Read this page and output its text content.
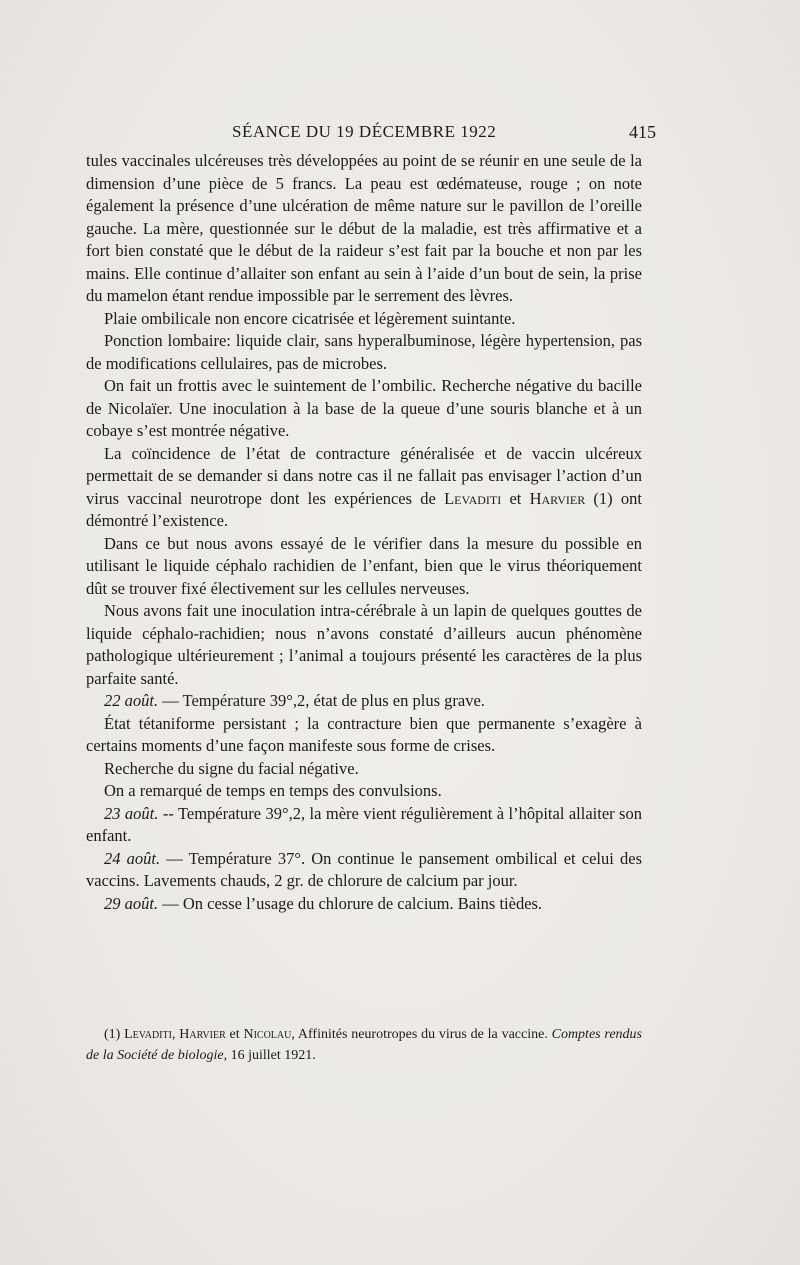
SÉANCE DU 19 DÉCEMBRE 1922	415

tules vaccinales ulcéreuses très développées au point de se réunir en une seule de la dimension d’une pièce de 5 francs. La peau est œdémateuse, rouge ; on note également la présence d’une ulcération de même nature sur le pavillon de l’oreille gauche. La mère, questionnée sur le début de la maladie, est très affirmative et a fort bien constaté que le début de la raideur s’est fait par la bouche et non par les mains. Elle continue d’allaiter son enfant au sein à l’aide d’un bout de sein, la prise du mamelon étant rendue impossible par le serrement des lèvres.

Plaie ombilicale non encore cicatrisée et légèrement suintante.

Ponction lombaire: liquide clair, sans hyperalbuminose, légère hypertension, pas de modifications cellulaires, pas de microbes.

On fait un frottis avec le suintement de l’ombilic. Recherche négative du bacille de Nicolaïer. Une inoculation à la base de la queue d’une souris blanche et à un cobaye s’est montrée négative.

La coïncidence de l’état de contracture généralisée et de vaccin ulcéreux permettait de se demander si dans notre cas il ne fallait pas envisager l’action d’un virus vaccinal neurotrope dont les expériences de Levaditi et Harvier (1) ont démontré l’existence.

Dans ce but nous avons essayé de le vérifier dans la mesure du possible en utilisant le liquide céphalo rachidien de l’enfant, bien que le virus théoriquement dût se trouver fixé électivement sur les cellules nerveuses.

Nous avons fait une inoculation intra-cérébrale à un lapin de quelques gouttes de liquide céphalo-rachidien; nous n’avons constaté d’ailleurs aucun phénomène pathologique ultérieurement ; l’animal a toujours présenté les caractères de la plus parfaite santé.

22 août. — Température 39°,2, état de plus en plus grave.

État tétaniforme persistant ; la contracture bien que permanente s’exagère à certains moments d’une façon manifeste sous forme de crises.

Recherche du signe du facial négative.

On a remarqué de temps en temps des convulsions.

23 août. -- Température 39°,2, la mère vient régulièrement à l’hôpital allaiter son enfant.

24 août. — Température 37°. On continue le pansement ombilical et celui des vaccins. Lavements chauds, 2 gr. de chlorure de calcium par jour.

29 août. — On cesse l’usage du chlorure de calcium. Bains tièdes.

(1) Levaditi, Harvier et Nicolau, Affinités neurotropes du virus de la vaccine. Comptes rendus de la Société de biologie, 16 juillet 1921.
